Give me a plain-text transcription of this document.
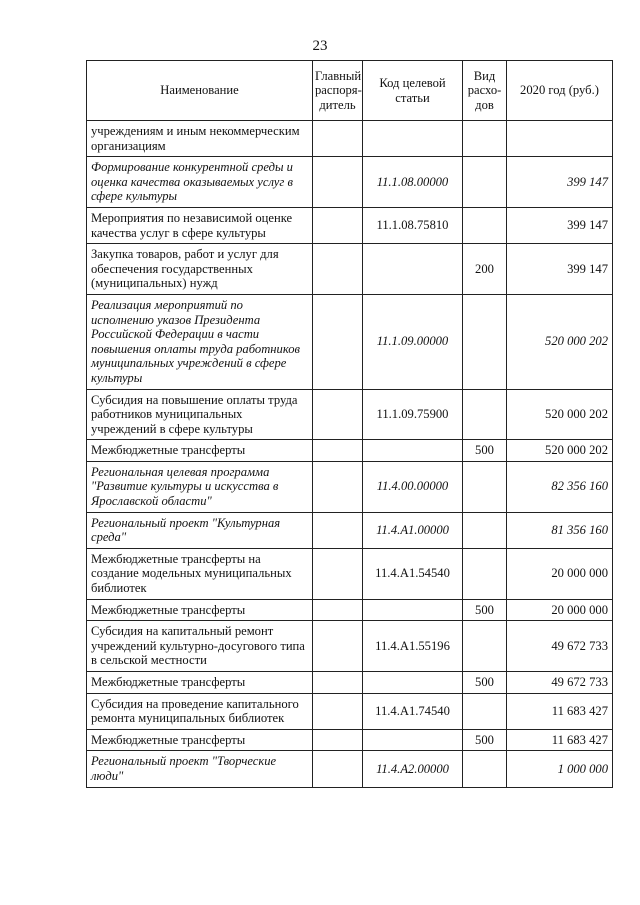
23
Наименование	Главный распоря-дитель	Код целевой статьи	Вид расхо-дов	2020 год (руб.)
учреждениям и иным некоммерческим организациям				
Формирование конкурентной среды и оценка качества оказываемых услуг в сфере культуры		11.1.08.00000		399 147
Мероприятия по независимой оценке качества услуг в сфере культуры		11.1.08.75810		399 147
Закупка товаров, работ и услуг для обеспечения государственных (муниципальных) нужд			200	399 147
Реализация мероприятий по исполнению указов Президента Российской Федерации в части повышения оплаты труда работников муниципальных учреждений в сфере культуры		11.1.09.00000		520 000 202
Субсидия на повышение оплаты труда работников муниципальных учреждений в сфере культуры		11.1.09.75900		520 000 202
Межбюджетные трансферты			500	520 000 202
Региональная целевая программа "Развитие культуры и искусства в Ярославской области"		11.4.00.00000		82 356 160
Региональный проект "Культурная среда"		11.4.A1.00000		81 356 160
Межбюджетные трансферты на создание модельных муниципальных библиотек		11.4.A1.54540		20 000 000
Межбюджетные трансферты			500	20 000 000
Субсидия на капитальный ремонт учреждений культурно-досугового типа в сельской местности		11.4.A1.55196		49 672 733
Межбюджетные трансферты			500	49 672 733
Субсидия на проведение капитального ремонта муниципальных библиотек		11.4.A1.74540		11 683 427
Межбюджетные трансферты			500	11 683 427
Региональный проект "Творческие люди"		11.4.A2.00000		1 000 000
